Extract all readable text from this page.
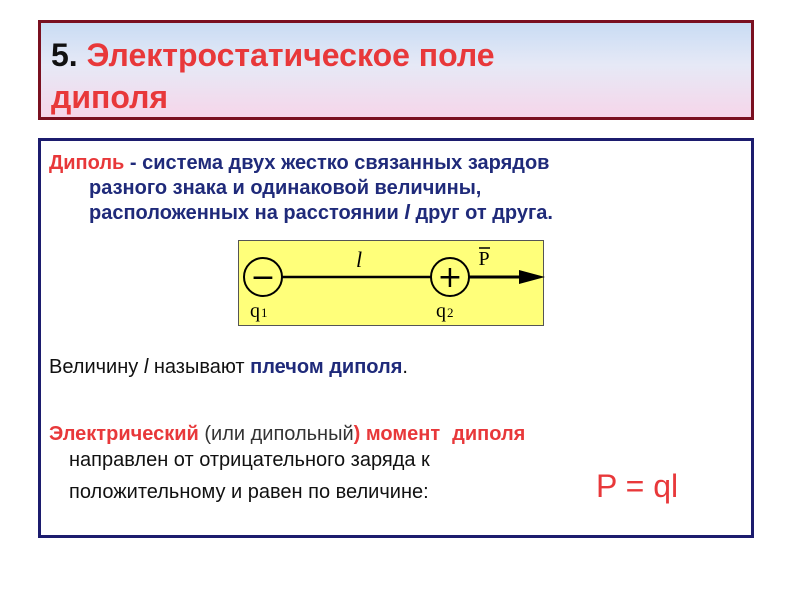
5. Электростатическое поле
диполя
Диполь - система двух жестко связанных зарядов
разного знака и одинаковой величины,
расположенных на расстоянии l друг от друга.
−	+
l	P
q 1	q 2
Величину l называют плечом диполя.
Электрический (или дипольный) момент диполя
направлен от отрицательного заряда к
положительному и равен по величине:	P = ql
